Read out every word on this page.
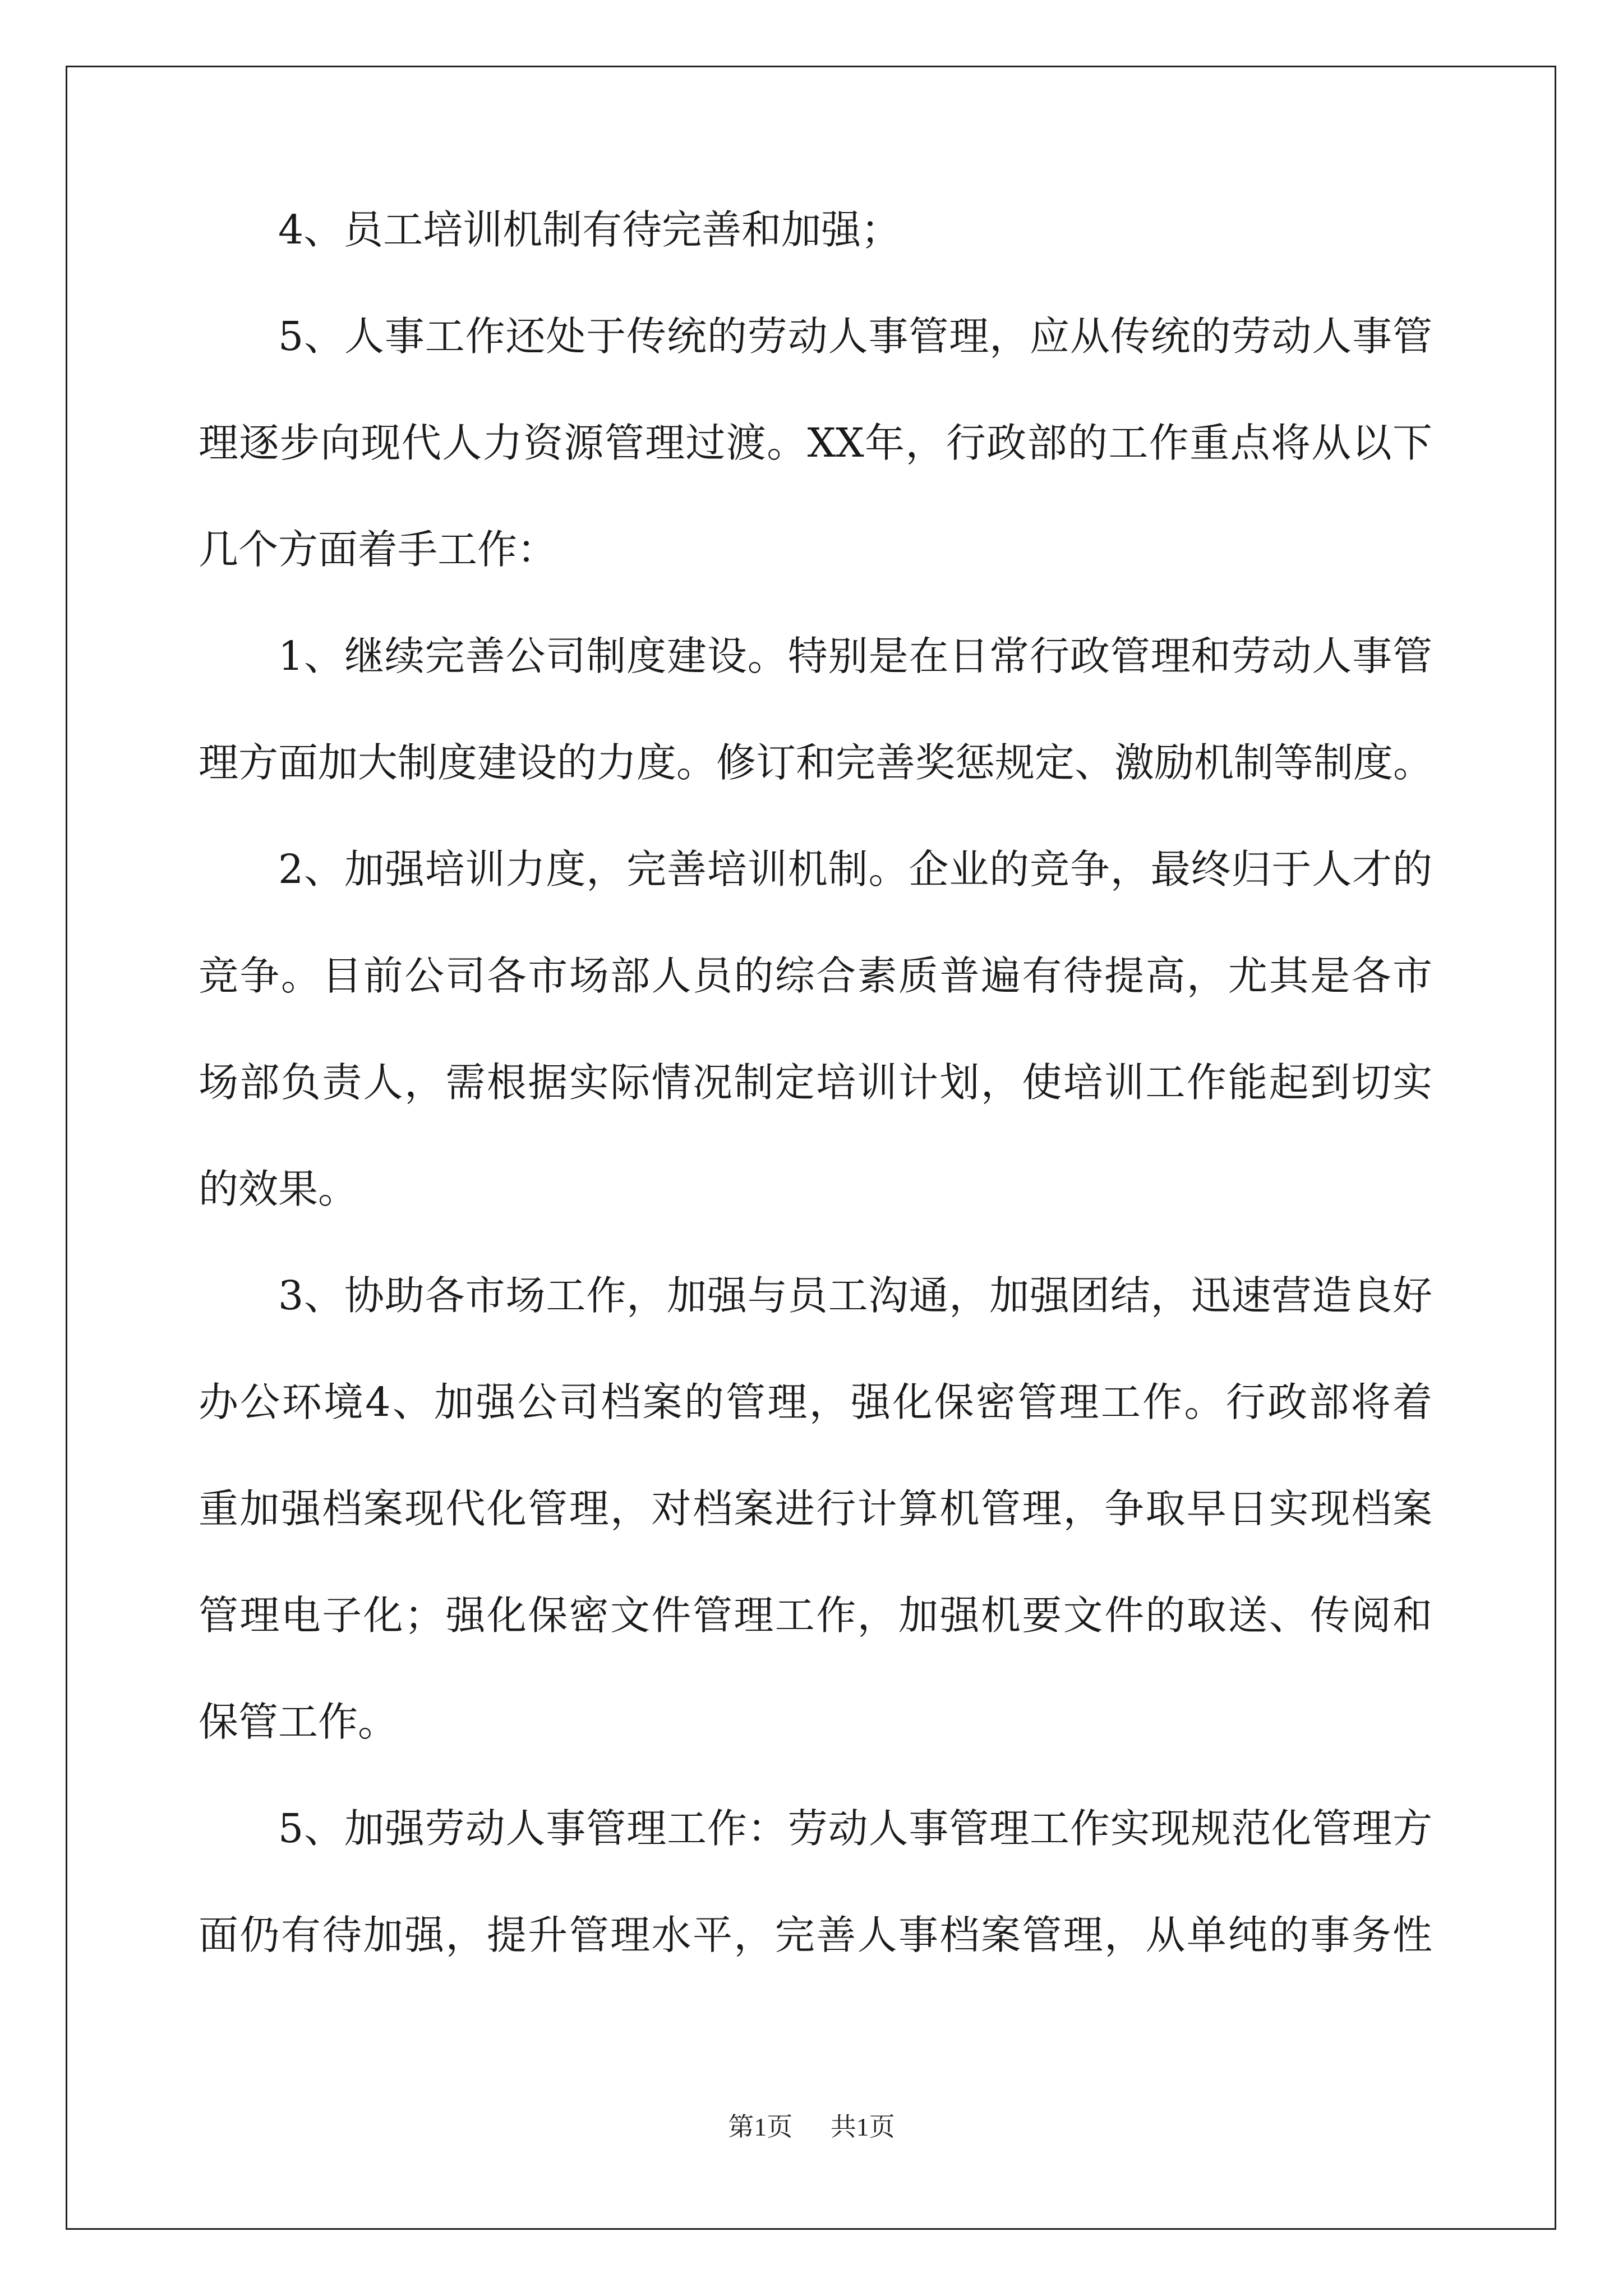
4、员工培训机制有待完善和加强；
5、人事工作还处于传统的劳动人事管理，应从传统的劳动人事管
理逐步向现代人力资源管理过渡。XX年，行政部的工作重点将从以下
几个方面着手工作：
1、继续完善公司制度建设。特别是在日常行政管理和劳动人事管
理方面加大制度建设的力度。修订和完善奖惩规定、激励机制等制度。
2、加强培训力度，完善培训机制。企业的竞争，最终归于人才的
竞争。目前公司各市场部人员的综合素质普遍有待提高，尤其是各市
场部负责人，需根据实际情况制定培训计划，使培训工作能起到切实
的效果。
3、协助各市场工作，加强与员工沟通，加强团结，迅速营造良好
办公环境4、加强公司档案的管理，强化保密管理工作。行政部将着
重加强档案现代化管理，对档案进行计算机管理，争取早日实现档案
管理电子化；强化保密文件管理工作，加强机要文件的取送、传阅和
保管工作。
5、加强劳动人事管理工作：劳动人事管理工作实现规范化管理方
面仍有待加强，提升管理水平，完善人事档案管理，从单纯的事务性
第1页 共1页
